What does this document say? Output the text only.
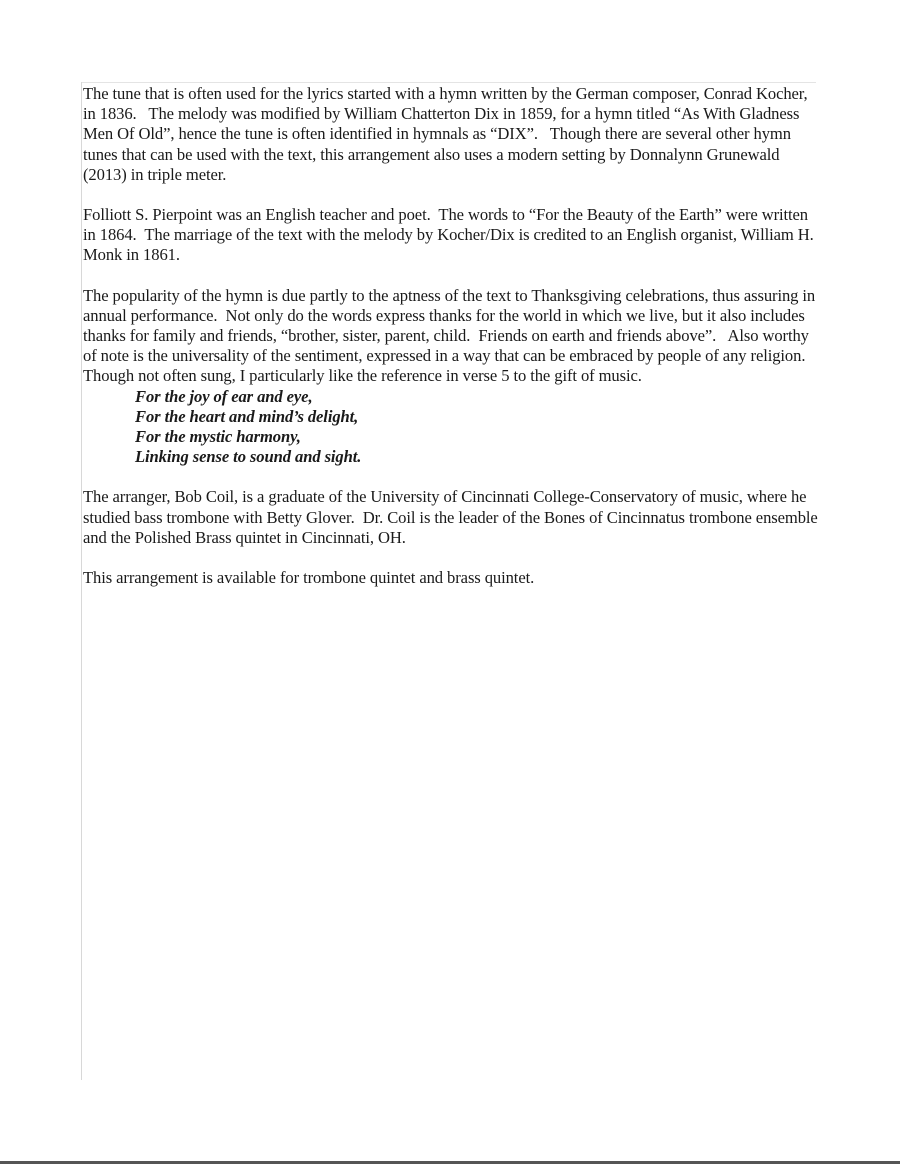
The tune that is often used for the lyrics started with a hymn written by the German composer, Conrad Kocher, in 1836.   The melody was modified by William Chatterton Dix in 1859, for a hymn titled “As With Gladness Men Of Old”, hence the tune is often identified in hymnals as “DIX”.   Though there are several other hymn tunes that can be used with the text, this arrangement also uses a modern setting by Donnalynn Grunewald (2013) in triple meter.

Folliott S. Pierpoint was an English teacher and poet.  The words to “For the Beauty of the Earth” were written in 1864.  The marriage of the text with the melody by Kocher/Dix is credited to an English organist, William H. Monk in 1861.

The popularity of the hymn is due partly to the aptness of the text to Thanksgiving celebrations, thus assuring in annual performance.  Not only do the words express thanks for the world in which we live, but it also includes thanks for family and friends, “brother, sister, parent, child.  Friends on earth and friends above”.   Also worthy of note is the universality of the sentiment, expressed in a way that can be embraced by people of any religion.  Though not often sung, I particularly like the reference in verse 5 to the gift of music.

For the joy of ear and eye,
For the heart and mind’s delight,
For the mystic harmony,
Linking sense to sound and sight.

The arranger, Bob Coil, is a graduate of the University of Cincinnati College-Conservatory of music, where he studied bass trombone with Betty Glover.  Dr. Coil is the leader of the Bones of Cincinnatus trombone ensemble and the Polished Brass quintet in Cincinnati, OH.

This arrangement is available for trombone quintet and brass quintet.
